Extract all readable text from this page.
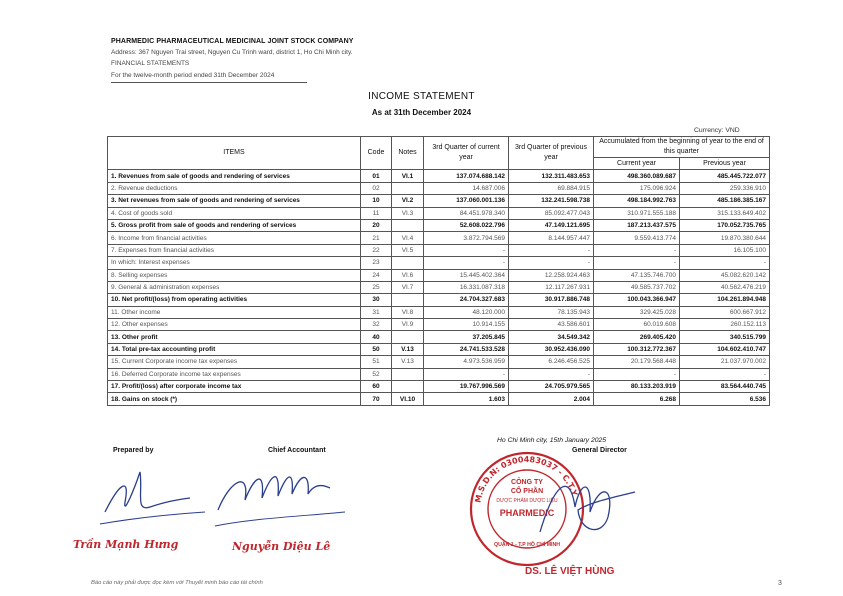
PHARMEDIC PHARMACEUTICAL MEDICINAL JOINT STOCK COMPANY
Address: 367 Nguyen Trai street, Nguyen Cu Trinh ward, district 1, Ho Chi Minh city.
FINANCIAL STATEMENTS
For the twelve-month period ended 31th December 2024
INCOME STATEMENT
As at 31th December 2024
Currency: VND
ITEMS	Code	Notes	3rd Quarter of current year	3rd Quarter of previous year	Accumulated from the beginning of year to the end of this quarter	
					Current year	Previous year
1. Revenues from sale of goods and rendering of services	01	VI.1	137.074.688.142	132.311.483.653	498.360.089.687	485.445.722.077
2. Revenue deductions	02		14.687.006	69.884.915	175.096.924	259.336.910
3. Net revenues from sale of goods and rendering of services	10	VI.2	137.060.001.136	132.241.598.738	498.184.992.763	485.186.385.167
4. Cost of goods sold	11	VI.3	84.451.978.340	85.092.477.043	310.971.555.188	315.133.649.402
5. Gross profit from sale of goods and rendering of services	20		52.608.022.796	47.149.121.695	187.213.437.575	170.052.735.765
6. Income from financial activities	21	VI.4	3.872.794.569	8.144.957.447	9.559.413.774	19.870.380.644
7. Expenses from financial activities	22	VI.5	-	-	-	16.105.100
In which: Interest expenses	23		-	-	-	-
8. Selling expenses	24	VI.6	15.445.402.364	12.258.924.463	47.135.746.700	45.082.620.142
9. General & administration expenses	25	VI.7	16.331.087.318	12.117.267.931	49.585.737.702	40.562.476.219
10. Net profit/(loss) from operating activities	30		24.704.327.683	30.917.886.748	100.043.366.947	104.261.894.948
11. Other income	31	VI.8	48.120.000	78.135.943	329.425.028	600.667.912
12. Other expenses	32	VI.9	10.914.155	43.586.601	60.019.608	260.152.113
13. Other profit	40		37.205.845	34.549.342	269.405.420	340.515.799
14. Total pre-tax accounting profit	50	V.13	24.741.533.528	30.952.436.090	100.312.772.367	104.602.410.747
15. Current Corporate income tax expenses	51	V.13	4.973.536.959	6.246.456.525	20.179.568.448	21.037.970.002
16. Deferred Corporate income tax expenses	52		-	-	-	-
17. Profit/(loss) after corporate income tax	60		19.767.996.569	24.705.979.565	80.133.203.919	83.564.440.745
18. Gains on stock (*)	70	VI.10	1.603	2.004	6.268	6.536
Ho Chi Minh city, 15th January 2025
Prepared by	Chief Accountant	General Director
Trần Mạnh Hưng	Nguyễn Diệu Lê
M.S.D.N: 0300483037 - C.T.Y
CÔNG TY
CỔ PHẦN
DƯỢC PHẨM DƯỢC LIỆU
PHARMEDIC
QUẬN 1 - T.P HỒ CHÍ MINH
DS. LÊ VIỆT HÙNG
Báo cáo này phải được đọc kèm với Thuyết minh báo cáo tài chính	3
